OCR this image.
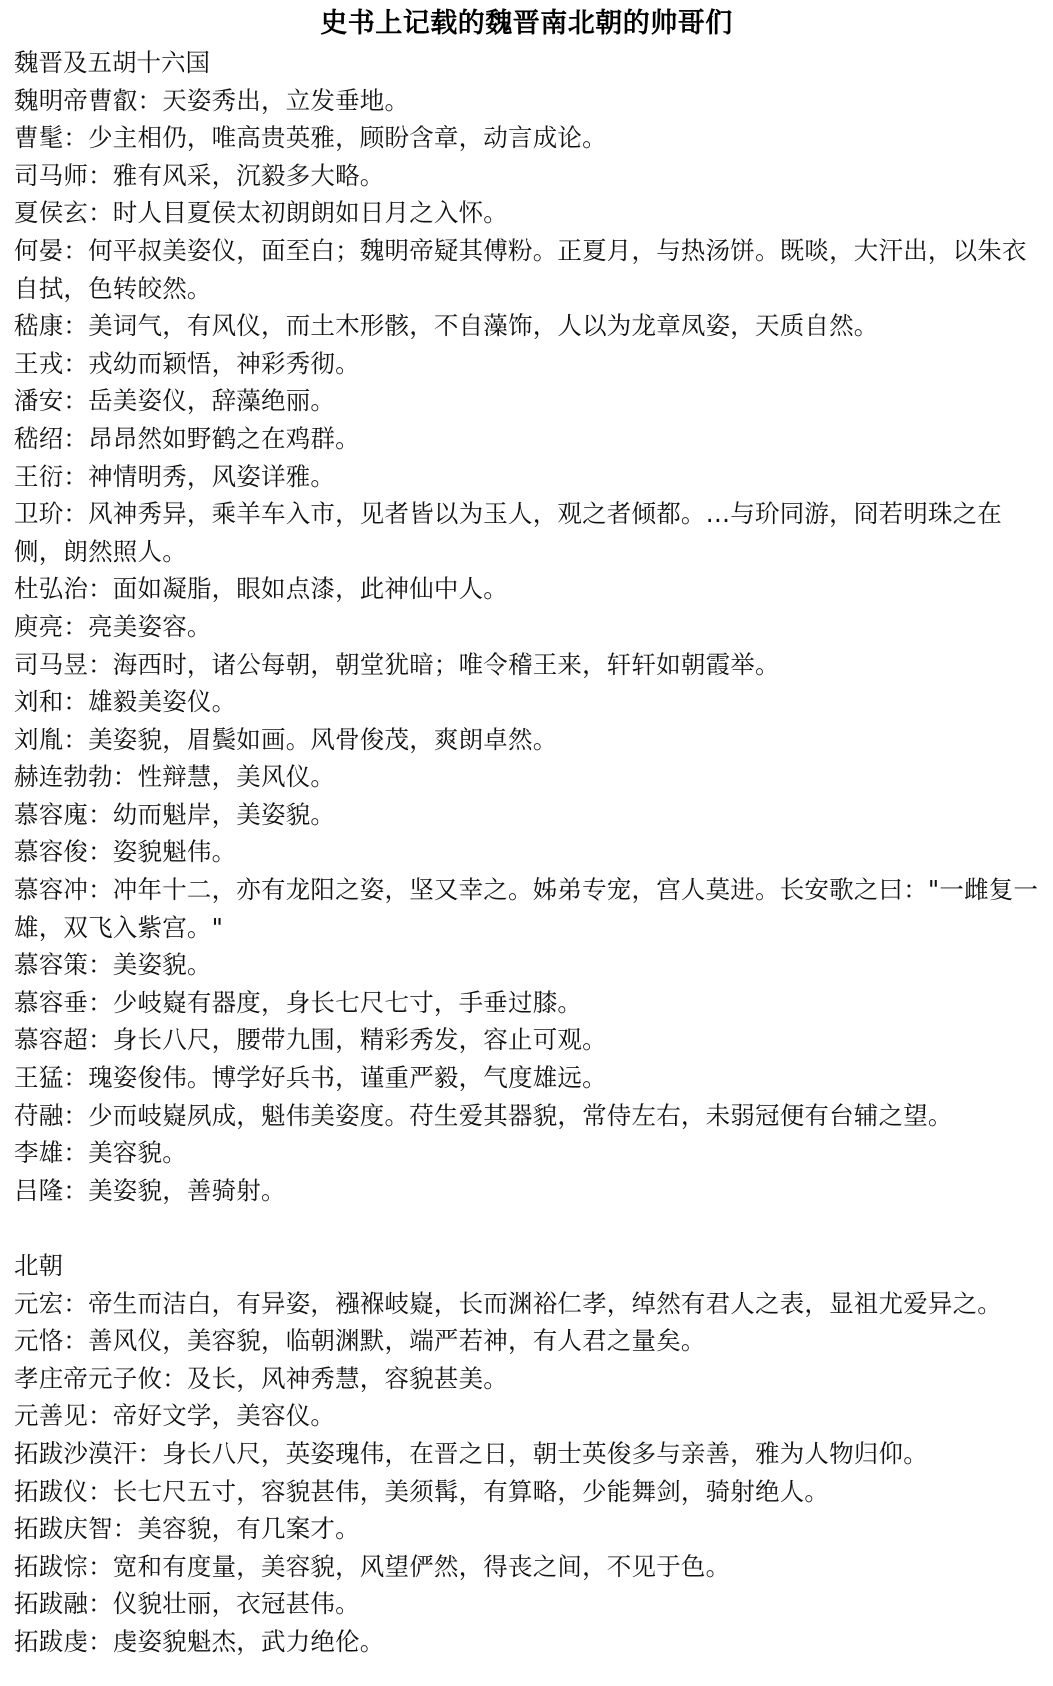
史书上记载的魏晋南北朝的帅哥们
魏晋及五胡十六国
魏明帝曹叡：天姿秀出，立发垂地。
曹髦：少主相仍，唯高贵英雅，顾盼含章，动言成论。
司马师：雅有风采，沉毅多大略。
夏侯玄：时人目夏侯太初朗朗如日月之入怀。
何晏：何平叔美姿仪，面至白；魏明帝疑其傅粉。正夏月，与热汤饼。既啖，大汗出，以朱衣自拭，色转皎然。
嵇康：美词气，有风仪，而土木形骸，不自藻饰，人以为龙章凤姿，天质自然。
王戎：戎幼而颖悟，神彩秀彻。
潘安：岳美姿仪，辞藻绝丽。
嵇绍：昂昂然如野鹤之在鸡群。
王衍：神情明秀，风姿详雅。
卫玠：风神秀异，乘羊车入市，见者皆以为玉人，观之者倾都。…与玠同游，冏若明珠之在侧，朗然照人。
杜弘治：面如凝脂，眼如点漆，此神仙中人。
庾亮：亮美姿容。
司马昱：海西时，诸公每朝，朝堂犹暗；唯令稽王来，轩轩如朝霞举。
刘和：雄毅美姿仪。
刘胤：美姿貌，眉鬓如画。风骨俊茂，爽朗卓然。
赫连勃勃：性辩慧，美风仪。
慕容廆：幼而魁岸，美姿貌。
慕容俊：姿貌魁伟。
慕容冲：冲年十二，亦有龙阳之姿，坚又幸之。姊弟专宠，宫人莫进。长安歌之曰："一雌复一雄，双飞入紫宫。"
慕容策：美姿貌。
慕容垂：少岐嶷有器度，身长七尺七寸，手垂过膝。
慕容超：身长八尺，腰带九围，精彩秀发，容止可观。
王猛：瑰姿俊伟。博学好兵书，谨重严毅，气度雄远。
苻融：少而岐嶷夙成，魁伟美姿度。苻生爱其器貌，常侍左右，未弱冠便有台辅之望。
李雄：美容貌。
吕隆：美姿貌，善骑射。
北朝
元宏：帝生而洁白，有异姿，襁褓岐嶷，长而渊裕仁孝，绰然有君人之表，显祖尤爱异之。
元恪：善风仪，美容貌，临朝渊默，端严若神，有人君之量矣。
孝庄帝元子攸：及长，风神秀慧，容貌甚美。
元善见：帝好文学，美容仪。
拓跋沙漠汗：身长八尺，英姿瑰伟，在晋之日，朝士英俊多与亲善，雅为人物归仰。
拓跋仪：长七尺五寸，容貌甚伟，美须髯，有算略，少能舞剑，骑射绝人。
拓跋庆智：美容貌，有几案才。
拓跋悰：宽和有度量，美容貌，风望俨然，得丧之间，不见于色。
拓跋融：仪貌壮丽，衣冠甚伟。
拓跋虔：虔姿貌魁杰，武力绝伦。
